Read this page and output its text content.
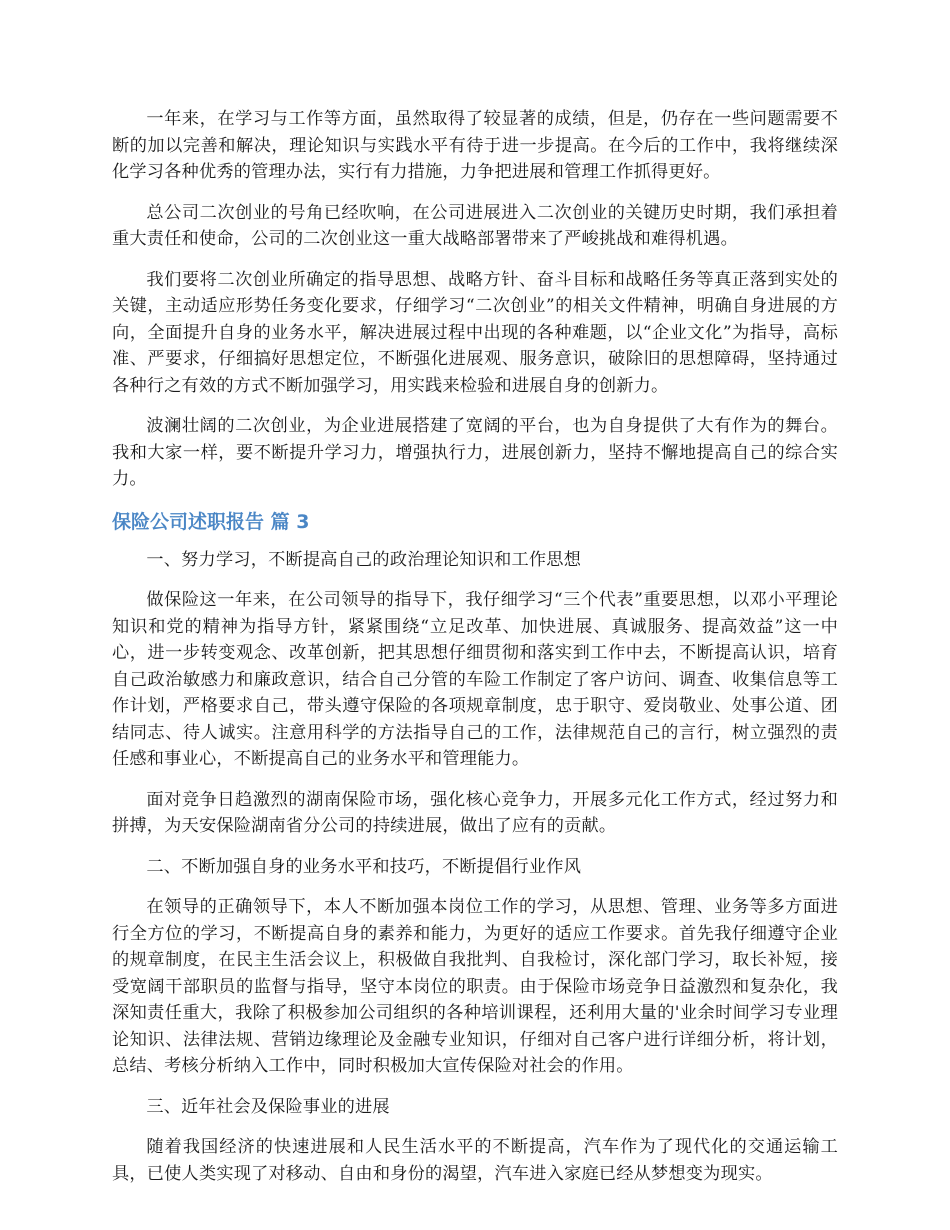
一年来，在学习与工作等方面，虽然取得了较显著的成绩，但是，仍存在一些问题需要不断的加以完善和解决，理论知识与实践水平有待于进一步提高。在今后的工作中，我将继续深化学习各种优秀的管理办法，实行有力措施，力争把进展和管理工作抓得更好。

总公司二次创业的号角已经吹响，在公司进展进入二次创业的关键历史时期，我们承担着重大责任和使命，公司的二次创业这一重大战略部署带来了严峻挑战和难得机遇。

我们要将二次创业所确定的指导思想、战略方针、奋斗目标和战略任务等真正落到实处的关键，主动适应形势任务变化要求，仔细学习“二次创业”的相关文件精神，明确自身进展的方向，全面提升自身的业务水平，解决进展过程中出现的各种难题，以“企业文化”为指导，高标准、严要求，仔细搞好思想定位，不断强化进展观、服务意识，破除旧的思想障碍，坚持通过各种行之有效的方式不断加强学习，用实践来检验和进展自身的创新力。

波澜壮阔的二次创业，为企业进展搭建了宽阔的平台，也为自身提供了大有作为的舞台。我和大家一样，要不断提升学习力，增强执行力，进展创新力，坚持不懈地提高自己的综合实力。

保险公司述职报告 篇 3

一、努力学习，不断提高自己的政治理论知识和工作思想

做保险这一年来，在公司领导的指导下，我仔细学习“三个代表”重要思想，以邓小平理论知识和党的精神为指导方针，紧紧围绕“立足改革、加快进展、真诚服务、提高效益”这一中心，进一步转变观念、改革创新，把其思想仔细贯彻和落实到工作中去，不断提高认识，培育自己政治敏感力和廉政意识，结合自己分管的车险工作制定了客户访问、调查、收集信息等工作计划，严格要求自己，带头遵守保险的各项规章制度，忠于职守、爱岗敬业、处事公道、团结同志、待人诚实。注意用科学的方法指导自己的工作，法律规范自己的言行，树立强烈的责任感和事业心，不断提高自己的业务水平和管理能力。

面对竞争日趋激烈的湖南保险市场，强化核心竞争力，开展多元化工作方式，经过努力和拼搏，为天安保险湖南省分公司的持续进展，做出了应有的贡献。

二、不断加强自身的业务水平和技巧，不断提倡行业作风

在领导的正确领导下，本人不断加强本岗位工作的学习，从思想、管理、业务等多方面进行全方位的学习，不断提高自身的素养和能力，为更好的适应工作要求。首先我仔细遵守企业的规章制度，在民主生活会议上，积极做自我批判、自我检讨，深化部门学习，取长补短，接受宽阔干部职员的监督与指导，坚守本岗位的职责。由于保险市场竞争日益激烈和复杂化，我深知责任重大，我除了积极参加公司组织的各种培训课程，还利用大量的'业余时间学习专业理论知识、法律法规、营销边缘理论及金融专业知识，仔细对自己客户进行详细分析，将计划，总结、考核分析纳入工作中，同时积极加大宣传保险对社会的作用。

三、近年社会及保险事业的进展

随着我国经济的快速进展和人民生活水平的不断提高，汽车作为了现代化的交通运输工具，已使人类实现了对移动、自由和身份的渴望，汽车进入家庭已经从梦想变为现实。
